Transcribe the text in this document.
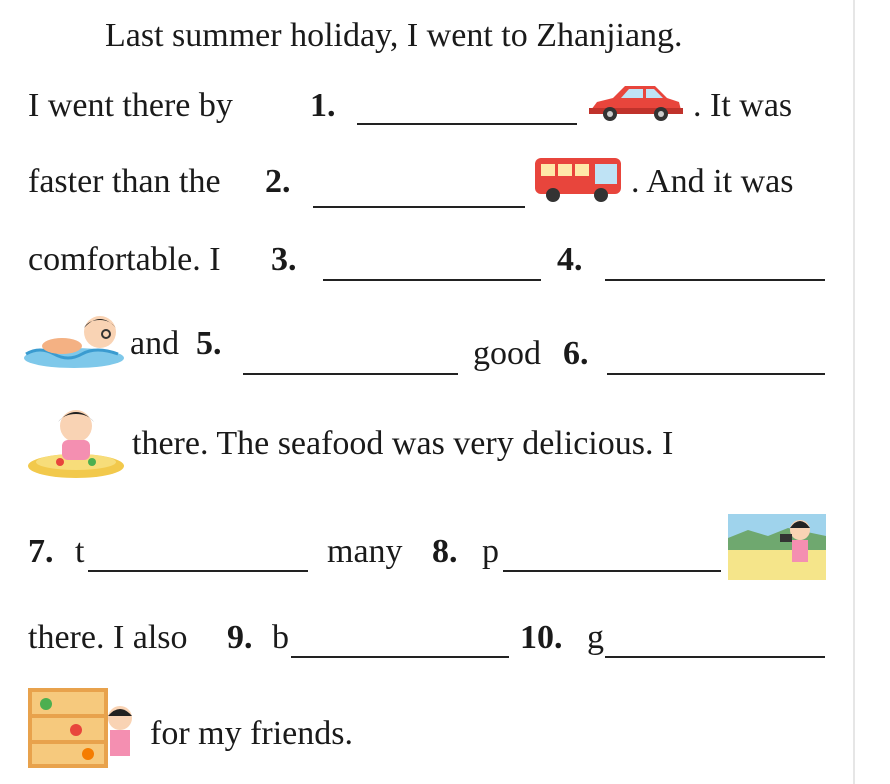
Last summer holiday, I went to Zhanjiang.
I went there by 1.	. It was
faster than the 2.	. And it was
comfortable. I 3.	4.
and 5.	good 6.
there. The seafood was very delicious. I
7. t	many 8. p
there. I also 9. b	10. g
for my friends.
